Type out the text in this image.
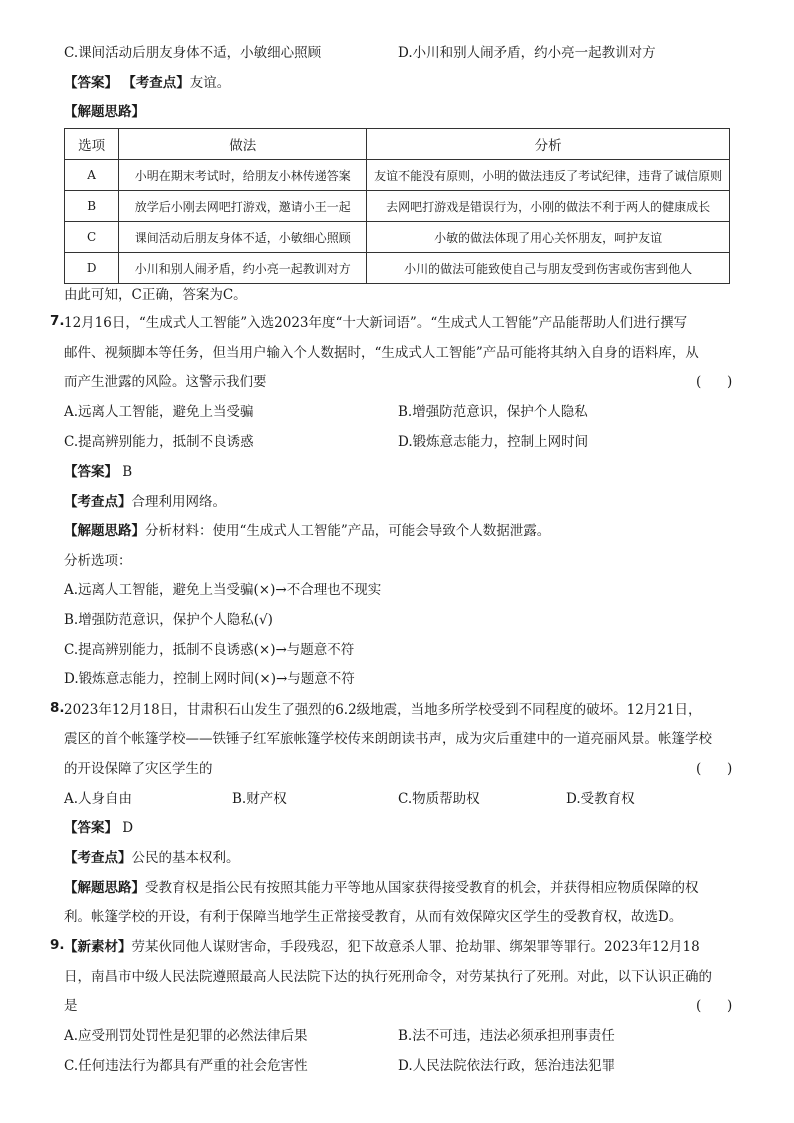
C.课间活动后朋友身体不适，小敏细心照顾	D.小川和别人闹矛盾，约小亮一起教训对方
【答案】 【考查点】友谊。
【解题思路】
选项	做法	分析
A	小明在期末考试时，给朋友小林传递答案	友谊不能没有原则，小明的做法违反了考试纪律，违背了诚信原则
B	放学后小刚去网吧打游戏，邀请小王一起	去网吧打游戏是错误行为，小刚的做法不利于两人的健康成长
C	课间活动后朋友身体不适，小敏细心照顾	小敏的做法体现了用心关怀朋友，呵护友谊
D	小川和别人闹矛盾，约小亮一起教训对方	小川的做法可能致使自己与朋友受到伤害或伤害到他人
由此可知，C正确，答案为C。
7. 12月16日，“生成式人工智能”入选2023年度“十大新词语”。“生成式人工智能”产品能帮助人们进行撰写
邮件、视频脚本等任务，但当用户输入个人数据时，“生成式人工智能”产品可能将其纳入自身的语料库，从
而产生泄露的风险。这警示我们要	(      )
A.远离人工智能，避免上当受骗	B.增强防范意识，保护个人隐私
C.提高辨别能力，抵制不良诱惑	D.锻炼意志能力，控制上网时间
【答案】 B
【考查点】合理利用网络。
【解题思路】分析材料：使用“生成式人工智能”产品，可能会导致个人数据泄露。
分析选项：
A.远离人工智能，避免上当受骗(×)→不合理也不现实
B.增强防范意识，保护个人隐私(√)
C.提高辨别能力，抵制不良诱惑(×)→与题意不符
D.锻炼意志能力，控制上网时间(×)→与题意不符
8. 2023年12月18日，甘肃积石山发生了强烈的6.2级地震，当地多所学校受到不同程度的破坏。12月21日，
震区的首个帐篷学校——铁锤子红军旅帐篷学校传来朗朗读书声，成为灾后重建中的一道亮丽风景。帐篷学校
的开设保障了灾区学生的	(      )
A.人身自由	B.财产权	C.物质帮助权	D.受教育权
【答案】 D
【考查点】公民的基本权利。
【解题思路】受教育权是指公民有按照其能力平等地从国家获得接受教育的机会，并获得相应物质保障的权
利。帐篷学校的开设，有利于保障当地学生正常接受教育，从而有效保障灾区学生的受教育权，故选D。
9. 【新素材】劳某伙同他人谋财害命，手段残忍，犯下故意杀人罪、抢劫罪、绑架罪等罪行。2023年12月18
日，南昌市中级人民法院遵照最高人民法院下达的执行死刑命令，对劳某执行了死刑。对此，以下认识正确的
是	(      )
A.应受刑罚处罚性是犯罪的必然法律后果	B.法不可违，违法必须承担刑事责任
C.任何违法行为都具有严重的社会危害性	D.人民法院依法行政，惩治违法犯罪
